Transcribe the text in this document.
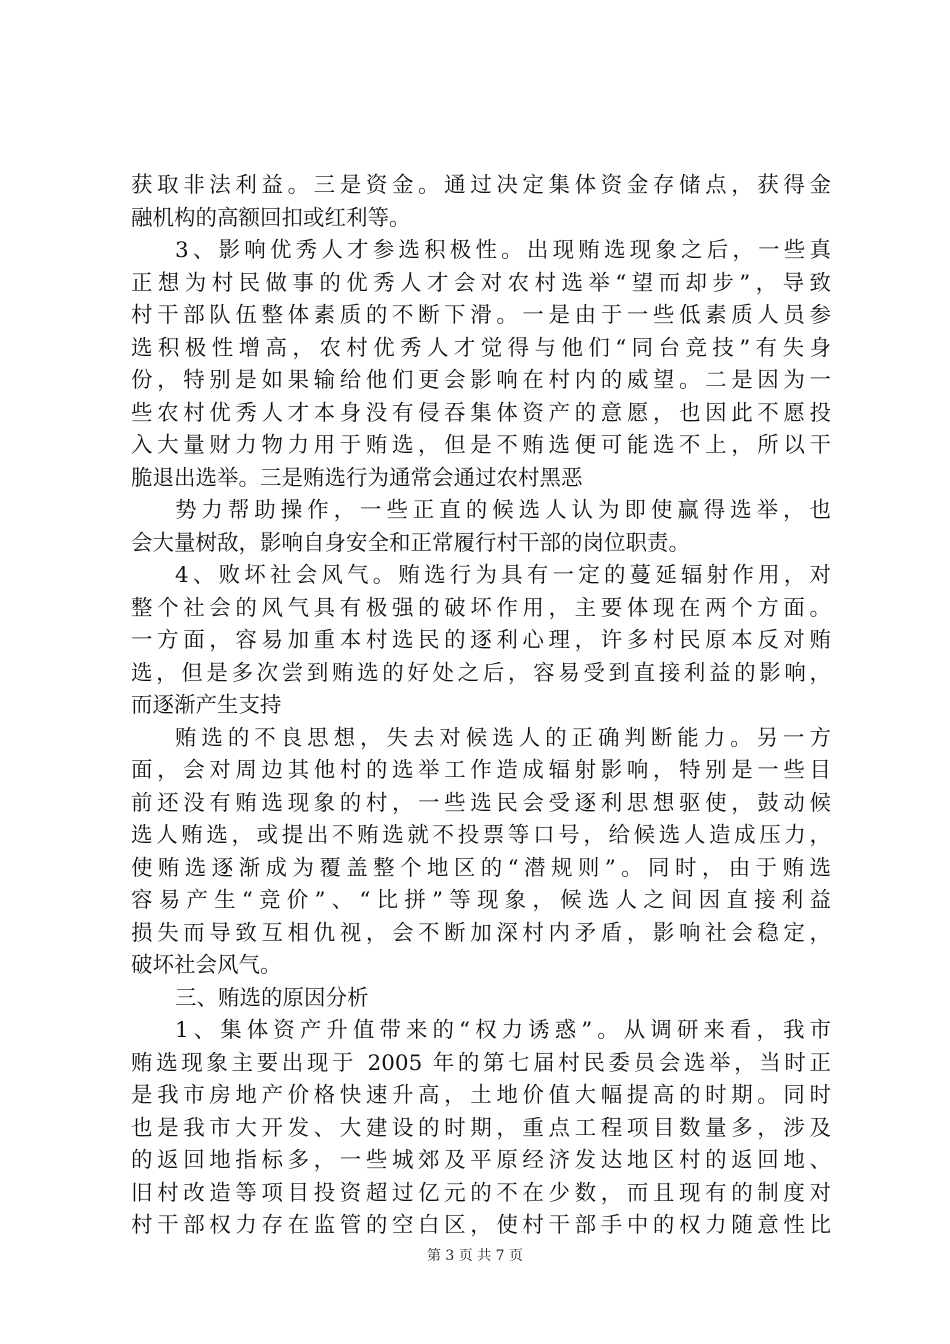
获取非法利益。三是资金。通过决定集体资金存储点，获得金
融机构的高额回扣或红利等。
3、影响优秀人才参选积极性。出现贿选现象之后，一些真
正想为村民做事的优秀人才会对农村选举“望而却步”，导致
村干部队伍整体素质的不断下滑。一是由于一些低素质人员参
选积极性增高，农村优秀人才觉得与他们“同台竞技”有失身
份，特别是如果输给他们更会影响在村内的威望。二是因为一
些农村优秀人才本身没有侵吞集体资产的意愿，也因此不愿投
入大量财力物力用于贿选，但是不贿选便可能选不上，所以干
脆退出选举。三是贿选行为通常会通过农村黑恶
势力帮助操作，一些正直的候选人认为即使赢得选举，也
会大量树敌，影响自身安全和正常履行村干部的岗位职责。
4、败坏社会风气。贿选行为具有一定的蔓延辐射作用，对
整个社会的风气具有极强的破坏作用，主要体现在两个方面。
一方面，容易加重本村选民的逐利心理，许多村民原本反对贿
选，但是多次尝到贿选的好处之后，容易受到直接利益的影响，
而逐渐产生支持
贿选的不良思想，失去对候选人的正确判断能力。另一方
面，会对周边其他村的选举工作造成辐射影响，特别是一些目
前还没有贿选现象的村，一些选民会受逐利思想驱使，鼓动候
选人贿选，或提出不贿选就不投票等口号，给候选人造成压力，
使贿选逐渐成为覆盖整个地区的“潜规则”。同时，由于贿选
容易产生“竞价”、“比拼”等现象，候选人之间因直接利益
损失而导致互相仇视，会不断加深村内矛盾，影响社会稳定，
破坏社会风气。
三、贿选的原因分析
1、集体资产升值带来的“权力诱惑”。从调研来看，我市
贿选现象主要出现于 2005 年的第七届村民委员会选举，当时正
是我市房地产价格快速升高，土地价值大幅提高的时期。同时
也是我市大开发、大建设的时期，重点工程项目数量多，涉及
的返回地指标多，一些城郊及平原经济发达地区村的返回地、
旧村改造等项目投资超过亿元的不在少数，而且现有的制度对
村干部权力存在监管的空白区，使村干部手中的权力随意性比
第 3 页 共 7 页
